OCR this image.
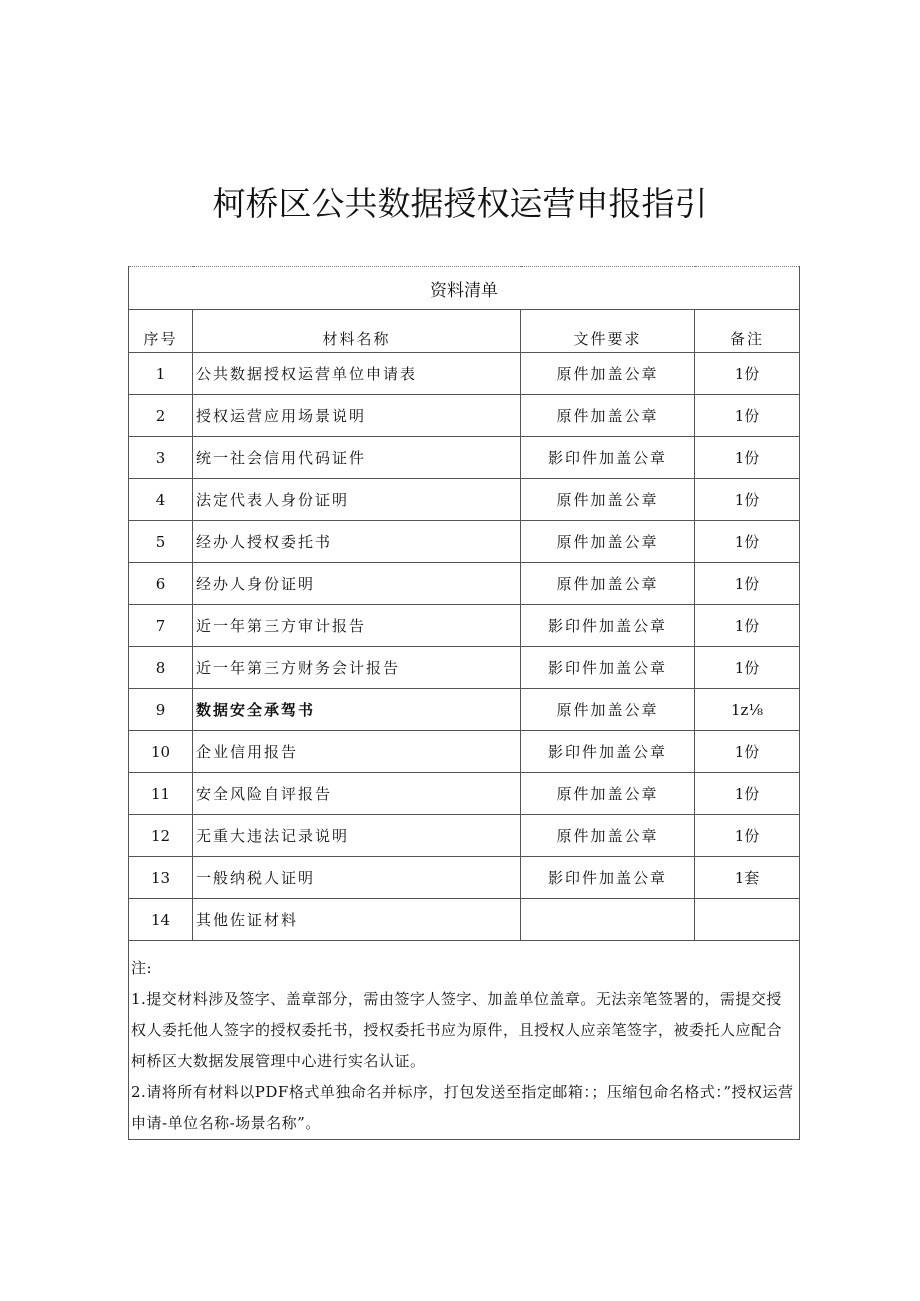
柯桥区公共数据授权运营申报指引
资料清单			
序号	材料名称	文件要求	备注
1	公共数据授权运营单位申请表	原件加盖公章	1份
2	授权运营应用场景说明	原件加盖公章	1份
3	统一社会信用代码证件	影印件加盖公章	1份
4	法定代表人身份证明	原件加盖公章	1份
5	经办人授权委托书	原件加盖公章	1份
6	经办人身份证明	原件加盖公章	1份
7	近一年第三方审计报告	影印件加盖公章	1份
8	近一年第三方财务会计报告	影印件加盖公章	1份
9	数据安全承驾书	原件加盖公章	1z⅛
10	企业信用报告	影印件加盖公章	1份
11	安全风险自评报告	原件加盖公章	1份
12	无重大违法记录说明	原件加盖公章	1份
13	一般纳税人证明	影印件加盖公章	1套
14	其他佐证材料		

注:

1.提交材料涉及签字、盖章部分，需由签字人签字、加盖单位盖章。无法亲笔签署的，需提交授权人委托他人签字的授权委托书，授权委托书应为原件，且授权人应亲笔签字，被委托人应配合柯桥区大数据发展管理中心进行实名认证。

2.请将所有材料以PDF格式单独命名并标序，打包发送至指定邮箱：；压缩包命名格式：”授权运营申请-单位名称-场景名称”。			
